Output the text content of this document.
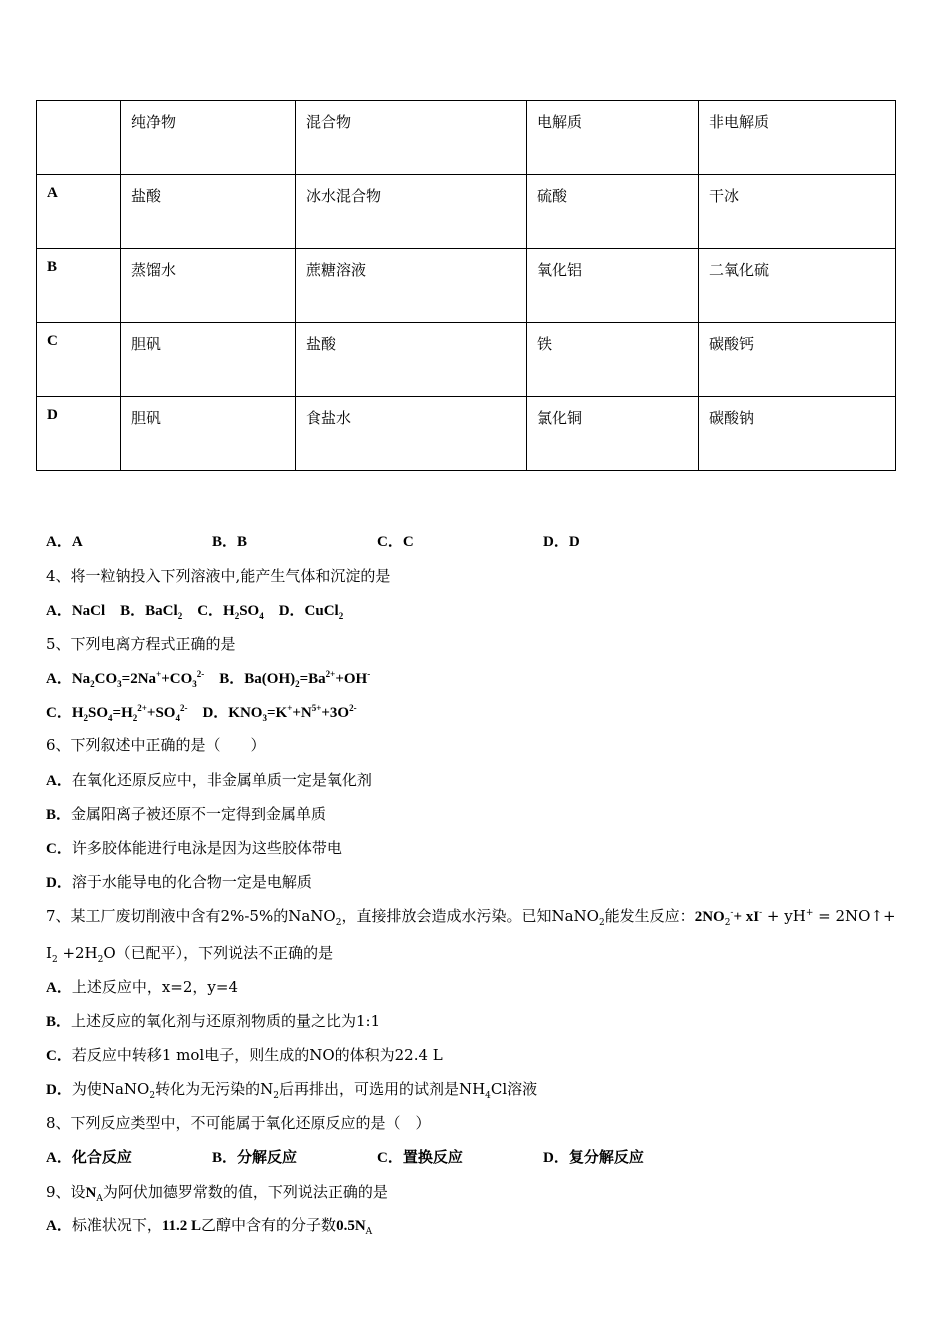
	纯净物	混合物	电解质	非电解质
A	盐酸	冰水混合物	硫酸	干冰
B	蒸馏水	蔗糖溶液	氧化铝	二氧化硫
C	胆矾	盐酸	铁	碳酸钙
D	胆矾	食盐水	氯化铜	碳酸钠
A．A	B．B	C．C	D．D
4、将一粒钠投入下列溶液中,能产生气体和沉淀的是
A．NaCl　B．BaCl$_2$　C．$H_2SO_4$　D．CuCl$_2$
5、下列电离方程式正确的是
A．$Na_2CO_3=2Na^++CO_3^{2-}$　B．$Ba(OH)_2=Ba^{2+}+OH^-$
C．$H_2SO_4=H_2^{2+}+SO_4^{2-}$　D．$KNO_3=K^++N^{5+}+3O^{2-}$
6、下列叙述中正确的是（　　）
A．在氧化还原反应中，非金属单质一定是氧化剂
B．金属阳离子被还原不一定得到金属单质
C．许多胶体能进行电泳是因为这些胶体带电
D．溶于水能导电的化合物一定是电解质
7、某工厂废切削液中含有2%-5%的NaNO$_2$，直接排放会造成水污染。已知NaNO$_2$能发生反应：$2NO_2^-+ xI^- + yH^+$ = 2NO↑+
$I_2 +2H_2O$（已配平），下列说法不正确的是
A．上述反应中，x=2，y=4
B．上述反应的氧化剂与还原剂物质的量之比为1:1
C．若反应中转移1 mol电子，则生成的NO的体积为22.4 L
D．为使NaNO$_2$转化为无污染的$N_2$后再排出，可选用的试剂是$NH_4Cl$溶液
8、下列反应类型中，不可能属于氧化还原反应的是（　）
A．化合反应	B．分解反应	C．置换反应	D．复分解反应
9、设$N_A$为阿伏加德罗常数的值，下列说法正确的是
A．标准状况下，11.2 L乙醇中含有的分子数$0.5N_A$
